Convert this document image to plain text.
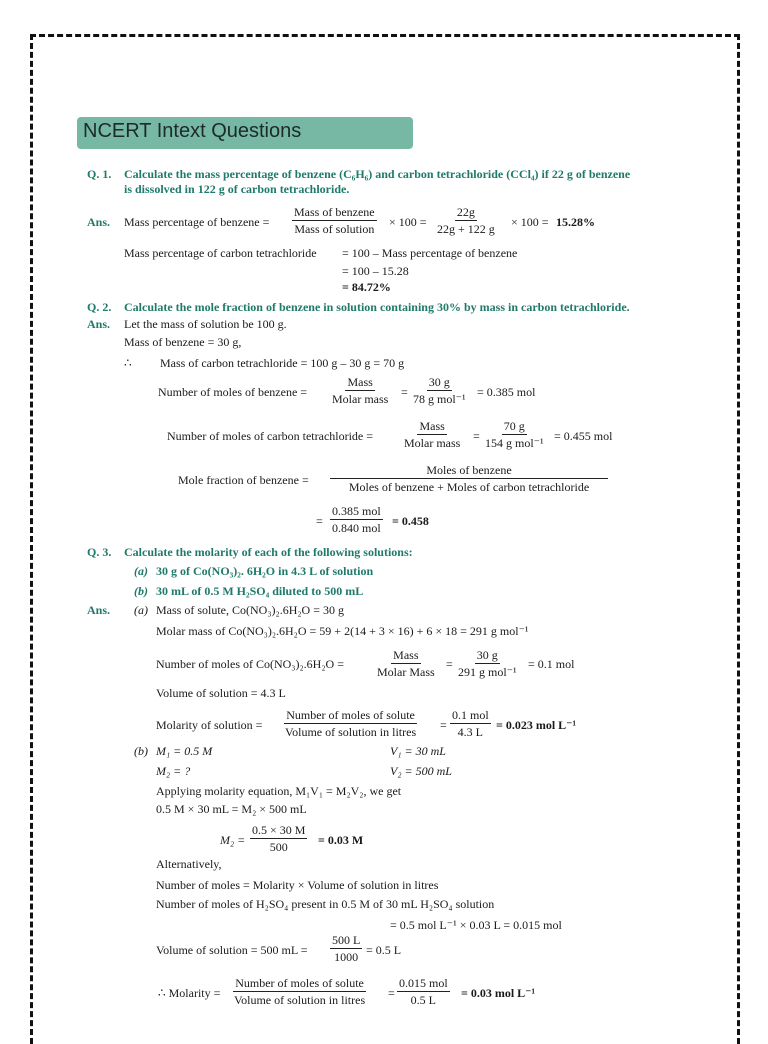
NCERT Intext Questions
Q. 1. Calculate the mass percentage of benzene (C₆H₆) and carbon tetrachloride (CCl₄) if 22 g of benzene
is dissolved in 122 g of carbon tetrachloride.
Ans. Mass percentage of benzene =
Mass of benzene
Mass of solution × $100 = \frac{22g}{22g + 122 g} \times 100 = 15.28\%$
Mass percentage of carbon tetrachloride = 100 – Mass percentage of benzene
= 100 – 15.28
= 84.72%
Q. 2. Calculate the mole fraction of benzene in solution containing 30% by mass in carbon tetrachloride.
Ans. Let the mass of solution be 100 g.
Mass of benzene = 30 g,
∴ Mass of carbon tetrachloride = 100 g – 30 g = 70 g
Number of moles of benzene =
Mass
Molar mass =
30 g
78 g mol⁻¹ = 0.385 mol
Number of moles of carbon tetrachloride =
Mass
Molar mass =
70 g
154 g mol⁻¹ = 0.455 mol
Mole fraction of benzene =
Moles of benzene
Moles of benzene + Moles of carbon tetrachloride
=
0.385 mol
0.840 mol = 0.458
Q. 3. Calculate the molarity of each of the following solutions:
(a) 30 g of Co(NO₃)₂. 6H₂O in 4.3 L of solution
(b) 30 mL of 0.5 M H₂SO₄ diluted to 500 mL
Ans. (a) Mass of solute, Co(NO₃)₂.6H₂O = 30 g
Molar mass of Co(NO₃)₂.6H₂O = 59 + 2(14 + 3 × 16) + 6 × 18 = 291 g mol⁻¹
Number of moles of Co(NO₃)₂.6H₂O =
Mass
Molar Mass
=
30 g
291 g mol⁻¹
= 0.1 mol
Volume of solution = 4.3 L
Molarity of solution =
Number of moles of solute
Volume of solution in litres =
0.1 mol
4.3 L = 0.023 mol L⁻¹
(b) M₁ = 0.5 M	V₁ = 30 mL
M₂ = ?	V₂ = 500 mL
Applying molarity equation, M₁V₁ = M₂V₂, we get
0.5 M × 30 mL = M₂ × 500 mL
$M_2 = \frac{0.5 \times 30 M}{500} = 0.03$ M
Alternatively,
Number of moles = Molarity × Volume of solution in litres
Number of moles of H₂SO₄ present in 0.5 M of 30 mL H₂SO₄ solution
= 0.5 mol L⁻¹ × 0.03 L = 0.015 mol
Volume of solution = 500 mL = $\frac{500 L}{1000} = 0.5$ L
∴ Molarity =
Number of moles of solute
Volume of solution in litres =
0.015 mol
0.5 L = 0.03 mol L⁻¹
